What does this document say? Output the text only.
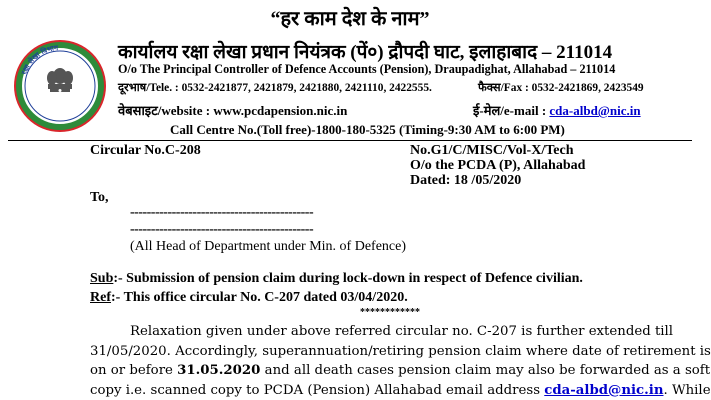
“हर काम देश के नाम”
रक्षा लेखा विभाग	कार्यालय रक्षा लेखा प्रधान नियंत्रक (पें०) द्रौपदी घाट, इलाहाबाद – 211014
O/o The Principal Controller of Defence Accounts (Pension), Draupadighat, Allahabad – 211014
दूरभाष/Tele. : 0532-2421877, 2421879, 2421880, 2421110, 2422555.	फैक्स/Fax : 0532-2421869, 2423549
वेबसाइट/website : www.pcdapension.nic.in	ई-मेल/e-mail : cda-albd@nic.in
Call Centre No.(Toll free)-1800-180-5325 (Timing-9:30 AM to 6:00 PM)
Circular No.C-208	No.G1/C/MISC/Vol-X/Tech
O/o the PCDA (P), Allahabad
Dated: 18 /05/2020
To,
--------------------------------------------
--------------------------------------------
(All Head of Department under Min. of Defence)
Sub:- Submission of pension claim during lock-down in respect of Defence civilian.
Ref:- This office circular No. C-207 dated 03/04/2020.
************
Relaxation given under above referred circular no. C-207 is further extended till
31/05/2020. Accordingly, superannuation/retiring pension claim where date of retirement is
on or before 31.05.2020 and all death cases pension claim may also be forwarded as a soft
copy i.e. scanned copy to PCDA (Pension) Allahabad email address cda-albd@nic.in. While
